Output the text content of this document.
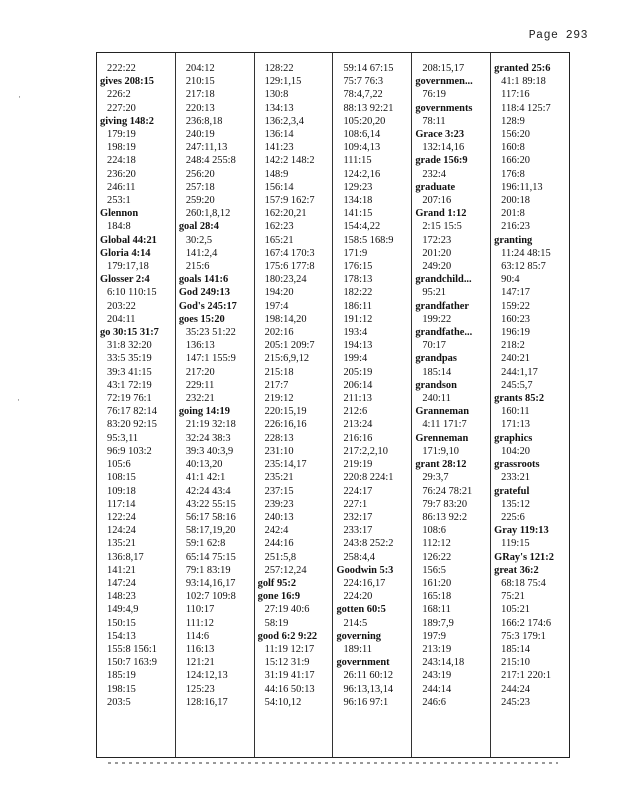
Page 293
222:22
gives 208:15
226:2
227:20
giving 148:2
179:19
198:19
224:18
236:20
246:11
253:1
Glennon
184:8
Global 44:21
Gloria 4:14
179:17,18
Glosser 2:4
6:10 110:15
203:22
204:11
go 30:15 31:7
31:8 32:20
33:5 35:19
39:3 41:15
43:1 72:19
72:19 76:1
76:17 82:14
83:20 92:15
95:3,11
96:9 103:2
105:6
108:15
109:18
117:14
122:24
124:24
135:21
136:8,17
141:21
147:24
148:23
149:4,9
150:15
154:13
155:8 156:1
150:7 163:9
185:19
198:15
203:5
204:12
210:15
217:18
220:13
236:8,18
240:19
247:11,13
248:4 255:8
256:20
257:18
259:20
260:1,8,12
goal 28:4
30:2,5
141:2,4
215:6
goals 141:6
God 249:13
God's 245:17
goes 15:20
35:23 51:22
136:13
147:1 155:9
217:20
229:11
232:21
going 14:19
21:19 32:18
32:24 38:3
39:3 40:3,9
40:13,20
41:1 42:1
42:24 43:4
43:22 55:15
56:17 58:16
58:17,19,20
59:1 62:8
65:14 75:15
79:1 83:19
93:14,16,17
102:7 109:8
110:17
111:12
114:6
116:13
121:21
124:12,13
125:23
128:16,17
128:22
129:1,15
130:8
134:13
136:2,3,4
136:14
141:23
142:2 148:2
148:9
156:14
157:9 162:7
162:20,21
162:23
165:21
167:4 170:3
175:6 177:8
180:23,24
194:20
197:4
198:14,20
202:16
205:1 209:7
215:6,9,12
215:18
217:7
219:12
220:15,19
226:16,16
228:13
231:10
235:14,17
235:21
237:15
239:23
240:13
242:4
244:16
251:5,8
257:12,24
golf 95:2
gone 16:9
27:19 40:6
58:19
good 6:2 9:22
11:19 12:17
15:12 31:9
31:19 41:17
44:16 50:13
54:10,12
59:14 67:15
75:7 76:3
78:4,7,22
88:13 92:21
105:20,20
108:6,14
109:4,13
111:15
124:2,16
129:23
134:18
141:15
154:4,22
158:5 168:9
171:9
176:15
178:13
182:22
186:11
191:12
193:4
194:13
199:4
205:19
206:14
211:13
212:6
213:24
216:16
217:2,2,10
219:19
220:8 224:1
224:17
227:1
232:17
233:17
243:8 252:2
258:4,4
Goodwin 5:3
224:16,17
224:20
gotten 60:5
214:5
governing
189:11
government
26:11 60:12
96:13,13,14
96:16 97:1
208:15,17
governmen...
76:19
governments
78:11
Grace 3:23
132:14,16
grade 156:9
232:4
graduate
207:16
Grand 1:12
2:15 15:5
172:23
201:20
249:20
grandchild...
95:21
grandfather
199:22
grandfathe...
70:17
grandpas
185:14
grandson
240:11
Granneman
4:11 171:7
Grenneman
171:9,10
grant 28:12
29:3,7
76:24 78:21
79:7 83:20
86:13 92:2
108:6
112:12
126:22
156:5
161:20
165:18
168:11
189:7,9
197:9
213:19
243:14,18
243:19
244:14
246:6
granted 25:6
41:1 89:18
117:16
118:4 125:7
128:9
156:20
160:8
166:20
176:8
196:11,13
200:18
201:8
216:23
granting
11:24 48:15
63:12 85:7
90:4
147:17
159:22
160:23
196:19
218:2
240:21
244:1,17
245:5,7
grants 85:2
160:11
171:13
graphics
104:20
grassroots
233:21
grateful
135:12
225:6
Gray 119:13
119:15
GRay's 121:2
great 36:2
68:18 75:4
75:21
105:21
166:2 174:6
75:3 179:1
185:14
215:10
217:1 220:1
244:24
245:23
·
·
